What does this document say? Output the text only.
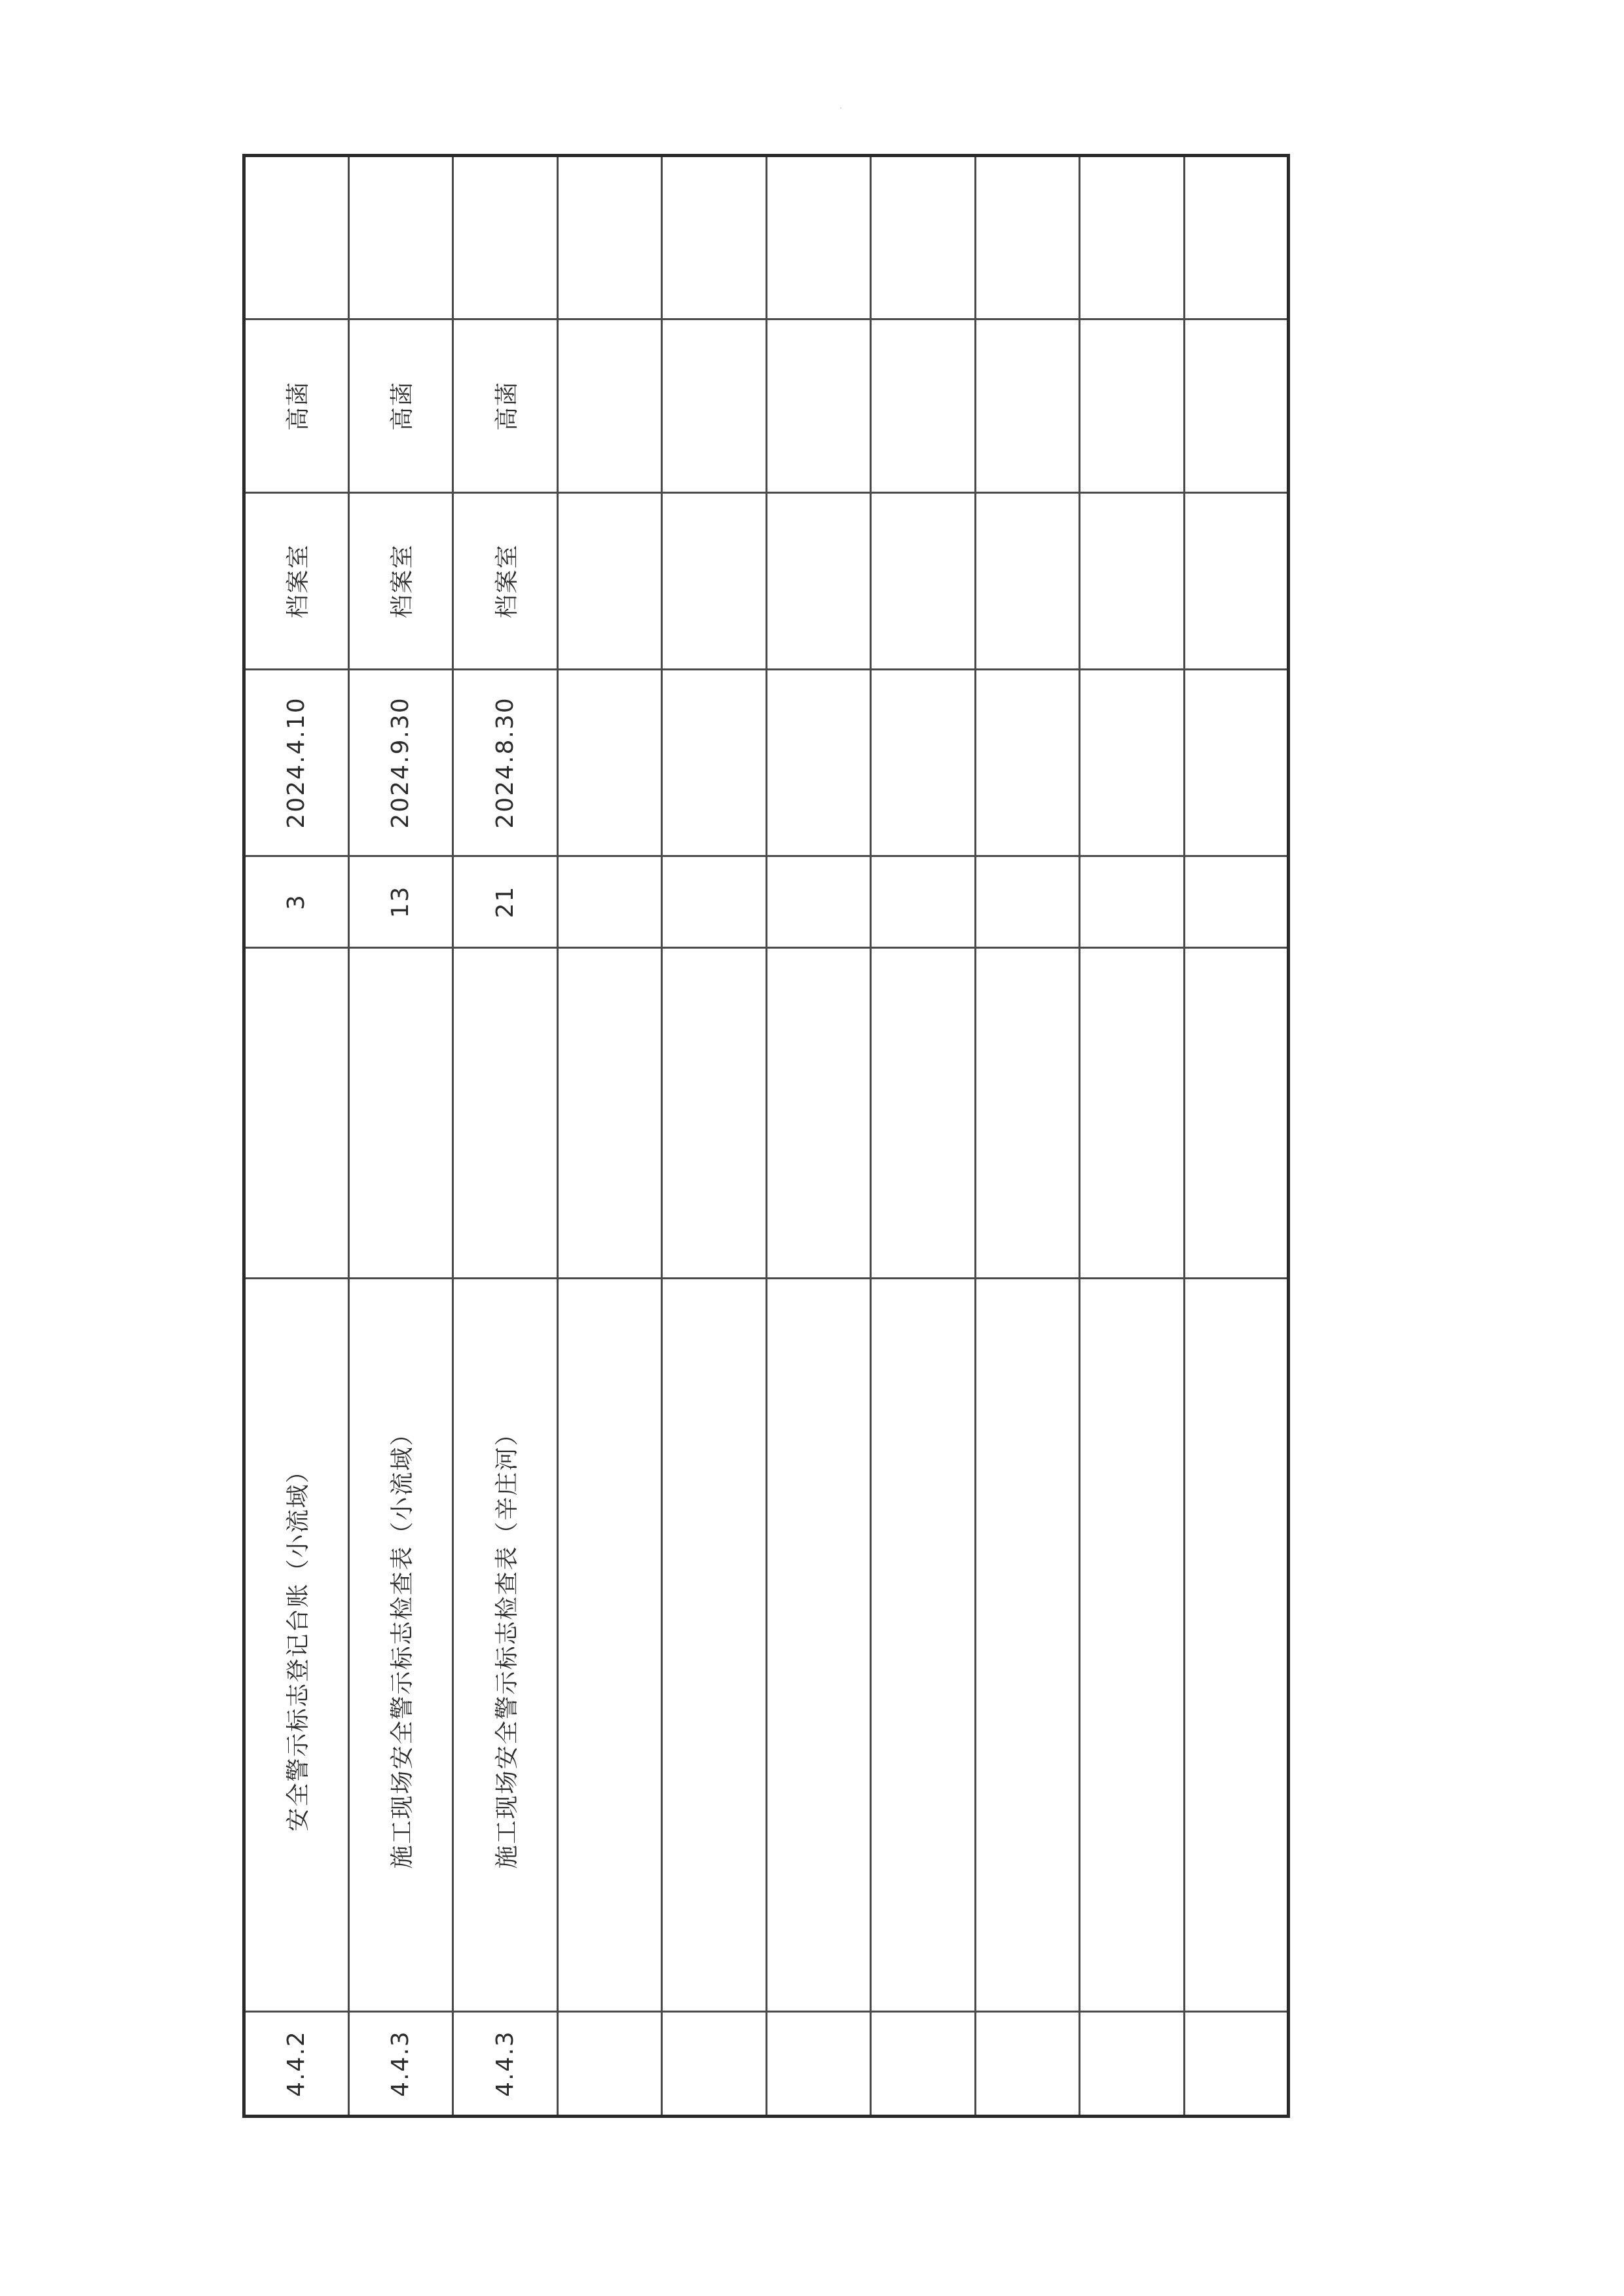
4.4.2	安全警示标志登记台账（小流域）		3	2024.4.10	档案室	高菡	
4.4.3	施工现场安全警示标志检查表（小流域）		13	2024.9.30	档案室	高菡	
4.4.3	施工现场安全警示标志检查表（辛庄河）		21	2024.8.30	档案室	高菡	
